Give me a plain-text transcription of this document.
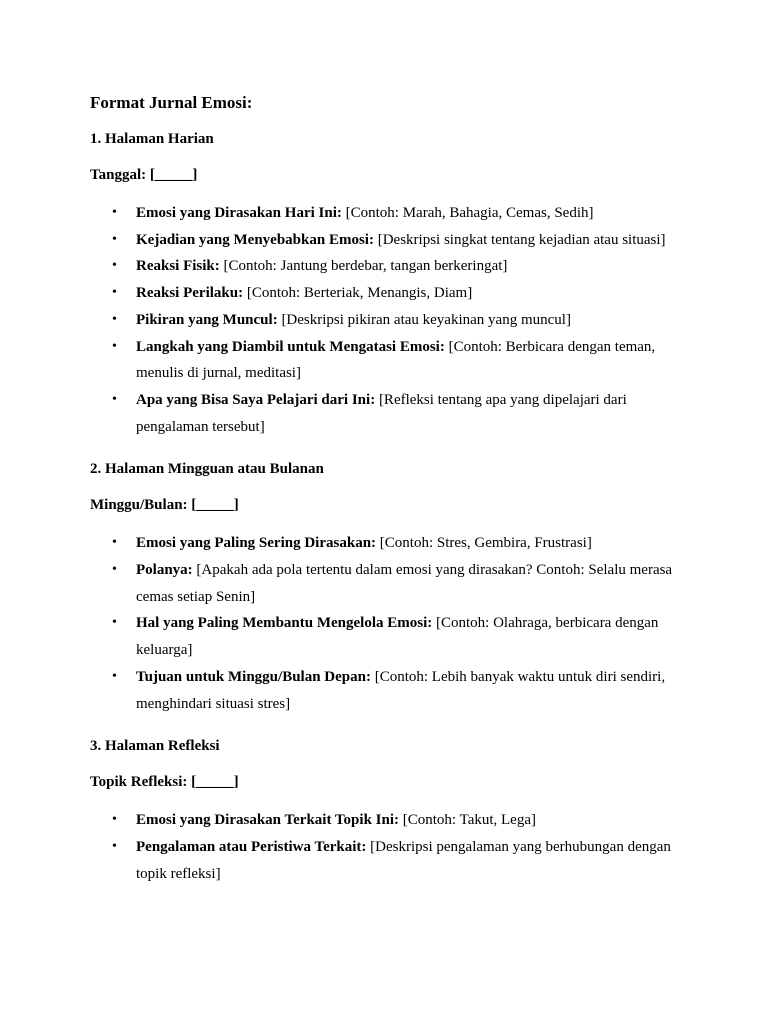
Format Jurnal Emosi:
1. Halaman Harian
Tanggal: [_____]
• Emosi yang Dirasakan Hari Ini: [Contoh: Marah, Bahagia, Cemas, Sedih]
• Kejadian yang Menyebabkan Emosi: [Deskripsi singkat tentang kejadian atau situasi]
• Reaksi Fisik: [Contoh: Jantung berdebar, tangan berkeringat]
• Reaksi Perilaku: [Contoh: Berteriak, Menangis, Diam]
• Pikiran yang Muncul: [Deskripsi pikiran atau keyakinan yang muncul]
• Langkah yang Diambil untuk Mengatasi Emosi: [Contoh: Berbicara dengan teman, menulis di jurnal, meditasi]
• Apa yang Bisa Saya Pelajari dari Ini: [Refleksi tentang apa yang dipelajari dari pengalaman tersebut]
2. Halaman Mingguan atau Bulanan
Minggu/Bulan: [_____]
• Emosi yang Paling Sering Dirasakan: [Contoh: Stres, Gembira, Frustrasi]
• Polanya: [Apakah ada pola tertentu dalam emosi yang dirasakan? Contoh: Selalu merasa cemas setiap Senin]
• Hal yang Paling Membantu Mengelola Emosi: [Contoh: Olahraga, berbicara dengan keluarga]
• Tujuan untuk Minggu/Bulan Depan: [Contoh: Lebih banyak waktu untuk diri sendiri, menghindari situasi stres]
3. Halaman Refleksi
Topik Refleksi: [_____]
• Emosi yang Dirasakan Terkait Topik Ini: [Contoh: Takut, Lega]
• Pengalaman atau Peristiwa Terkait: [Deskripsi pengalaman yang berhubungan dengan topik refleksi]
